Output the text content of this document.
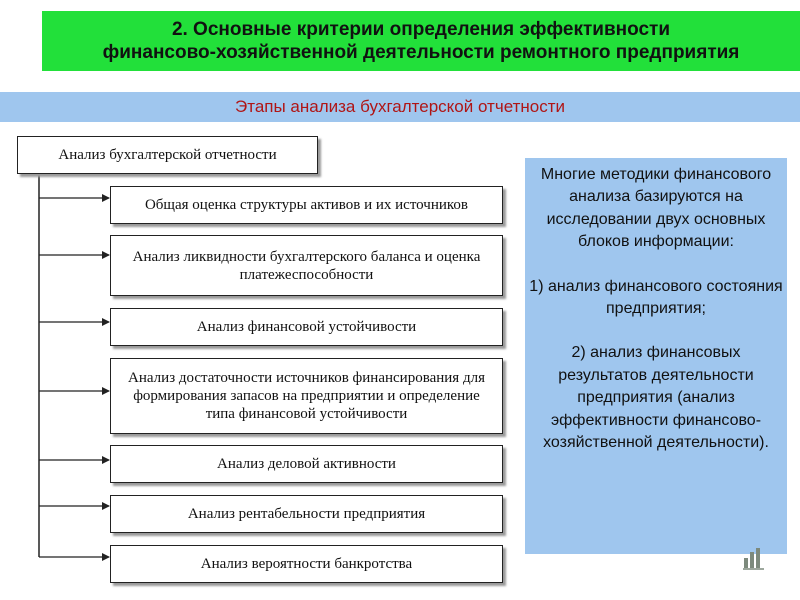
2. Основные критерии определения эффективности
финансово-хозяйственной деятельности ремонтного предприятия
Этапы анализа бухгалтерской отчетности
Анализ бухгалтерской отчетности
Общая оценка структуры активов и их источников
Анализ ликвидности бухгалтерского баланса и оценка платежеспособности
Анализ финансовой устойчивости
Анализ достаточности источников финансирования для формирования запасов на предприятии и определение типа финансовой устойчивости
Анализ деловой активности
Анализ рентабельности предприятия
Анализ вероятности банкротства

Многие методики финансового анализа базируются на исследовании двух основных блоков информации:

1) анализ финансового состояния предприятия;

2) анализ финансовых результатов деятельности предприятия (анализ эффективности финансово-хозяйственной деятельности).
